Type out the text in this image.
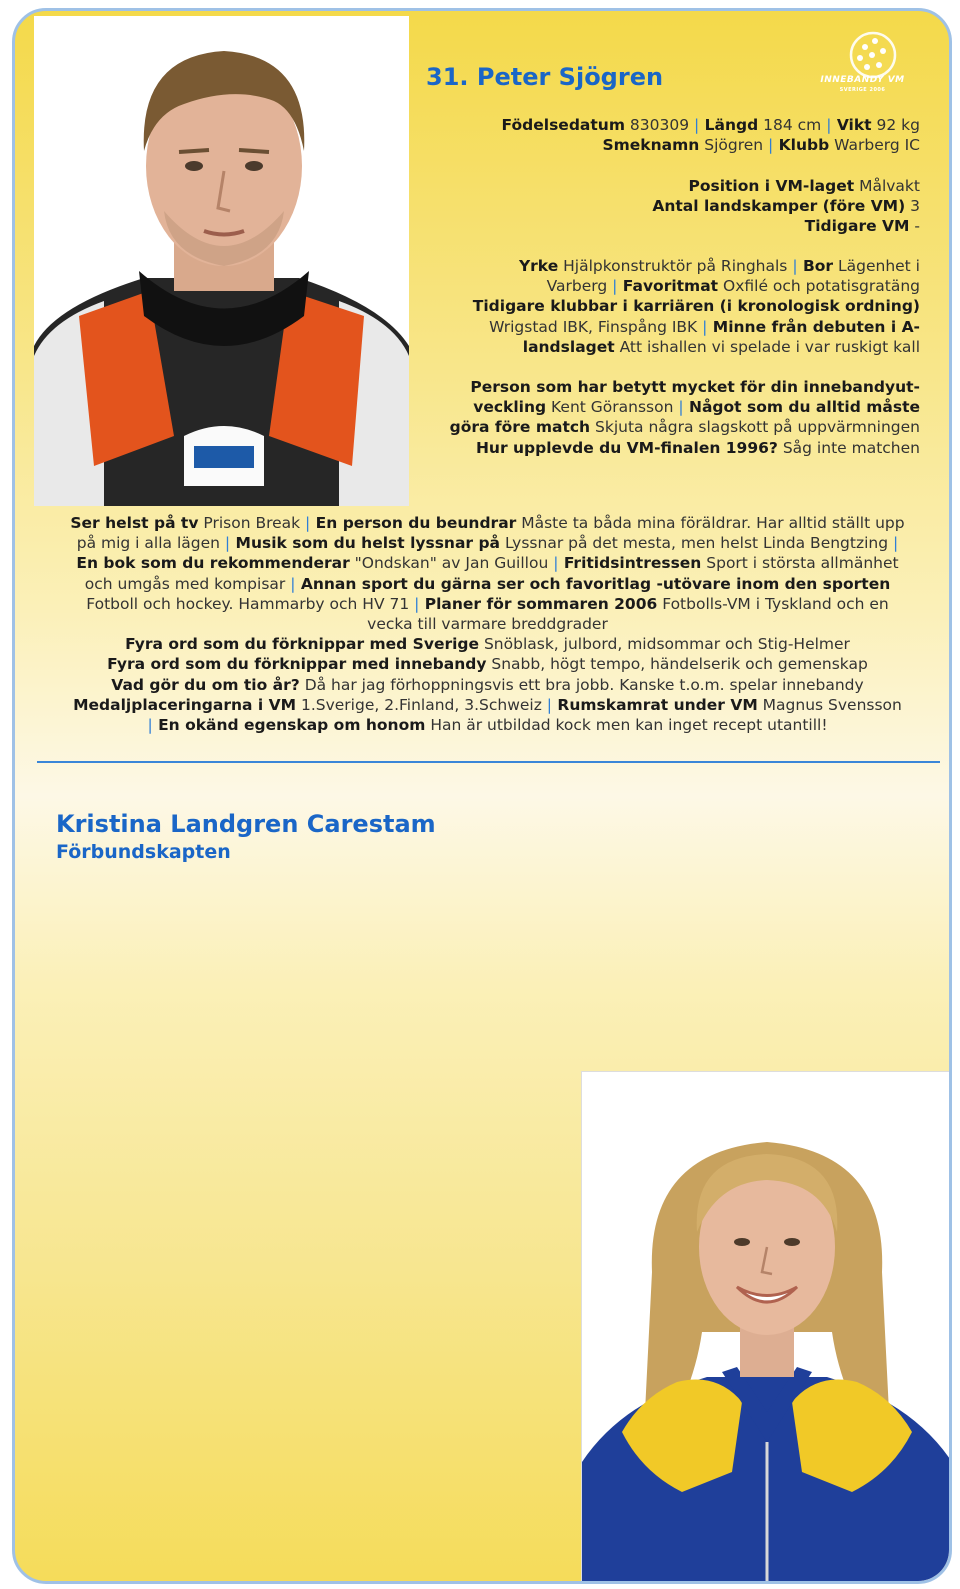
INNEBANDY VM
SVERIGE 2006
31. Peter Sjögren
Födelsedatum 830309 | Längd 184 cm | Vikt 92 kg
Smeknamn Sjögren | Klubb Warberg IC
Position i VM-laget Målvakt
Antal landskamper (före VM) 3
Tidigare VM -
Yrke Hjälpkonstruktör på Ringhals | Bor Lägenhet i
Varberg | Favoritmat Oxfilé och potatisgratäng
Tidigare klubbar i karriären (i kronologisk ordning)
Wrigstad IBK, Finspång IBK | Minne från debuten i A-
landslaget Att ishallen vi spelade i var ruskigt kall
Person som har betytt mycket för din innebandyut-
veckling Kent Göransson | Något som du alltid måste
göra före match Skjuta några slagskott på uppvärmningen
Hur upplevde du VM-finalen 1996? Såg inte matchen
Ser helst på tv Prison Break | En person du beundrar Måste ta båda mina föräldrar. Har alltid ställt upp
på mig i alla lägen | Musik som du helst lyssnar på Lyssnar på det mesta, men helst Linda Bengtzing |
En bok som du rekommenderar "Ondskan" av Jan Guillou | Fritidsintressen Sport i största allmänhet
och umgås med kompisar | Annan sport du gärna ser och favoritlag -utövare inom den sporten
Fotboll och hockey. Hammarby och HV 71 | Planer för sommaren 2006 Fotbolls-VM i Tyskland och en
vecka till varmare breddgrader
Fyra ord som du förknippar med Sverige Snöblask, julbord, midsommar och Stig-Helmer
Fyra ord som du förknippar med innebandy Snabb, högt tempo, händelserik och gemenskap
Vad gör du om tio år? Då har jag förhoppningsvis ett bra jobb. Kanske t.o.m. spelar innebandy
Medaljplaceringarna i VM 1.Sverige, 2.Finland, 3.Schweiz | Rumskamrat under VM Magnus Svensson
| En okänd egenskap om honom Han är utbildad kock men kan inget recept utantill!
Kristina Landgren Carestam
Förbundskapten
